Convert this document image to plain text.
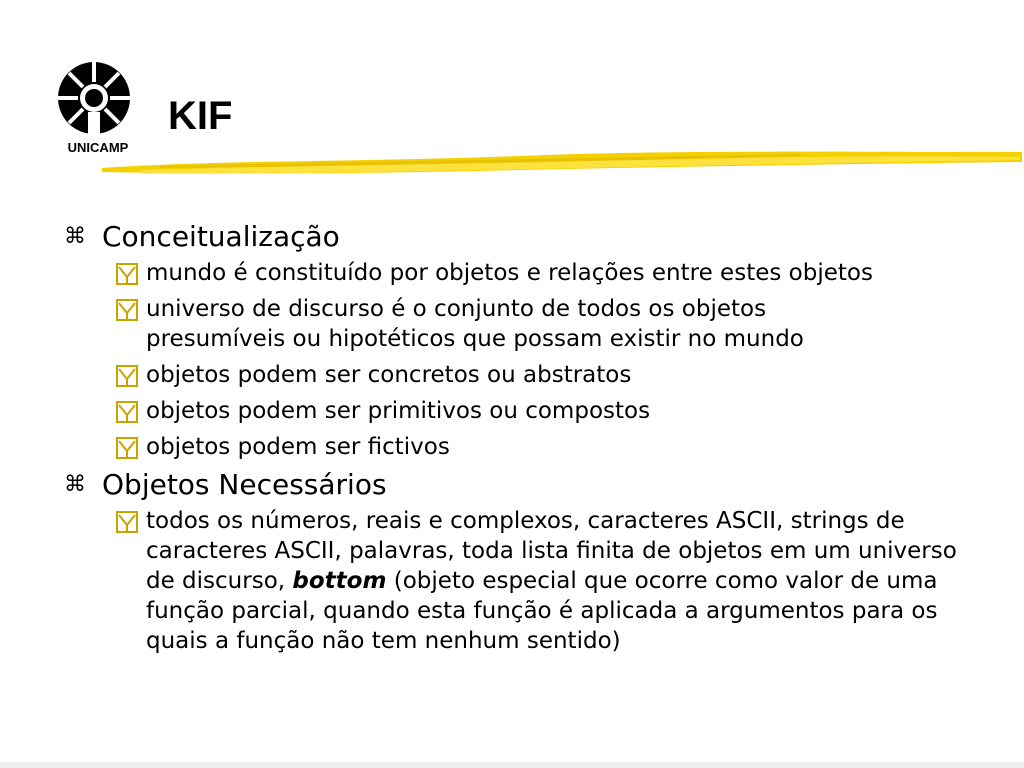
UNICAMP
KIF
⌘ Conceitualização
mundo é constituído por objetos e relações entre estes objetos
universo de discurso é o conjunto de todos os objetos presumíveis ou hipotéticos que possam existir no mundo
objetos podem ser concretos ou abstratos
objetos podem ser primitivos ou compostos
objetos podem ser fictivos
⌘ Objetos Necessários
todos os números, reais e complexos, caracteres ASCII, strings de caracteres ASCII, palavras, toda lista finita de objetos em um universo de discurso, bottom (objeto especial que ocorre como valor de uma função parcial, quando esta função é aplicada a argumentos para os quais a função não tem nenhum sentido)
